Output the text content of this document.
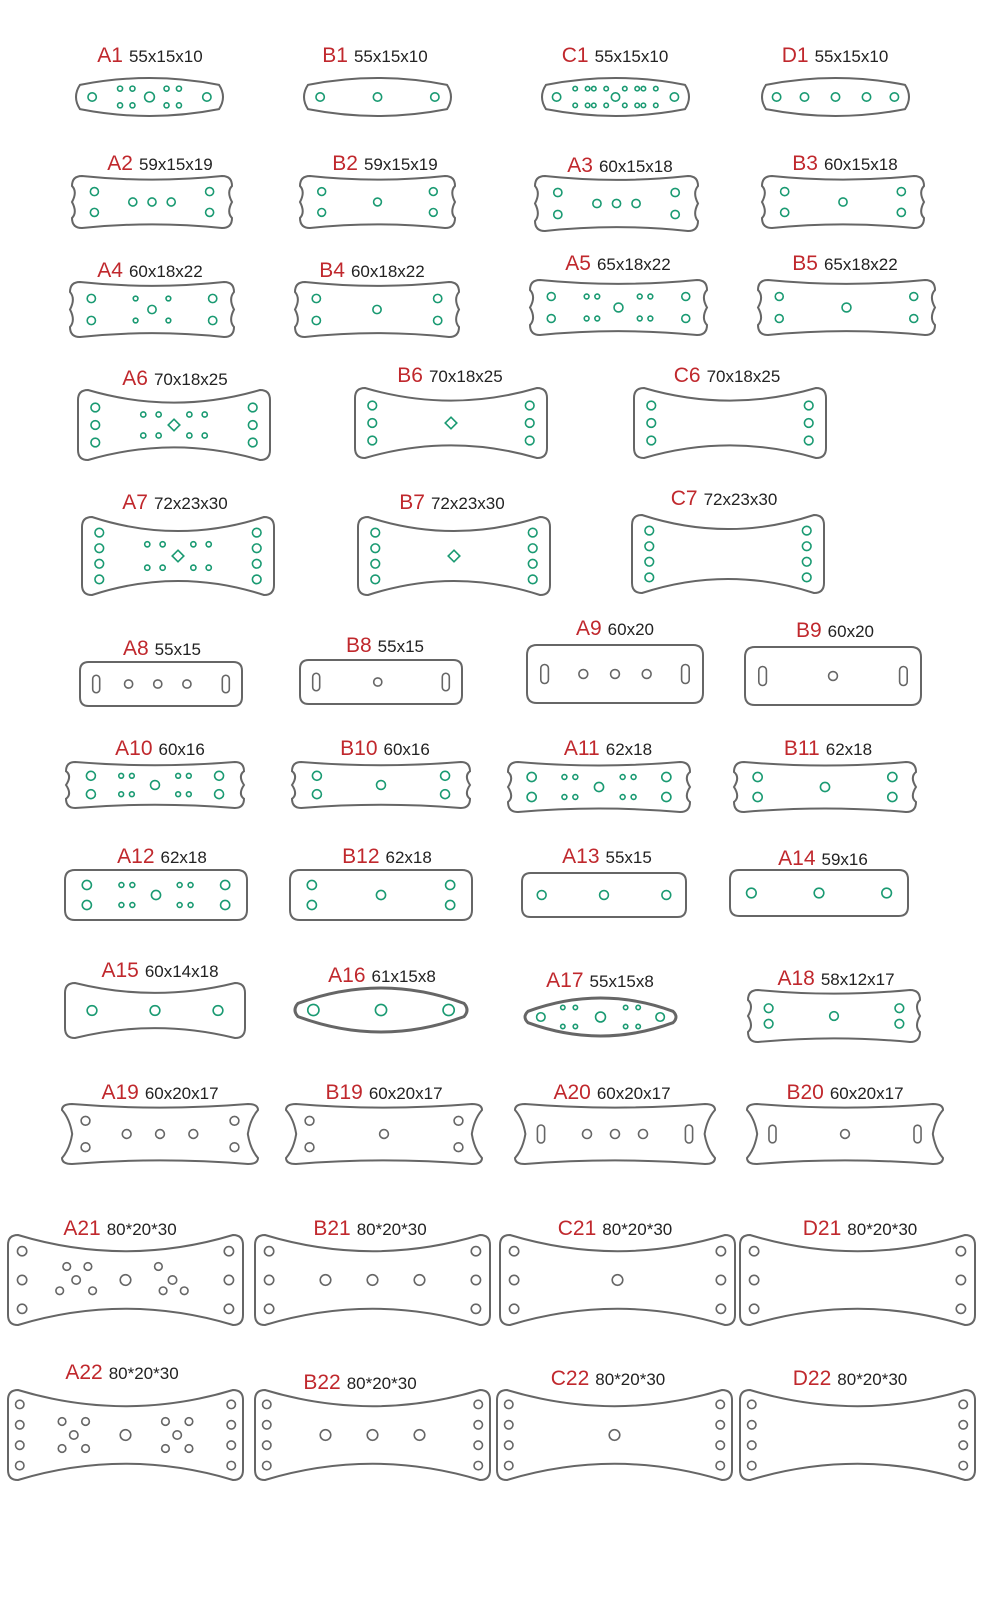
A1 55x15x10	B1 55x15x10	C1 55x15x10	D1 55x15x10
A2 59x15x19	B2 59x15x19	A3 60x15x18	B3 60x15x18
A4 60x18x22	B4 60x18x22	A5 65x18x22	B5 65x18x22
A6 70x18x25	B6 70x18x25	C6 70x18x25
A7 72x23x30	B7 72x23x30	C7 72x23x30
A8 55x15	B8 55x15
A9 60x20	B9 60x20
A10 60x16	B10 60x16	A11 62x18	B11 62x18
A12 62x18	B12 62x18	A13 55x15	A14 59x16
A15 60x14x18	A16 61x15x8	A17 55x15x8	A18 58x12x17
A19 60x20x17	B19 60x20x17	A20 60x20x17	B20 60x20x17
A21 80*20*30	B21 80*20*30	C21 80*20*30	D21 80*20*30
A22 80*20*30	B22 80*20*30	C22 80*20*30	D22 80*20*30
